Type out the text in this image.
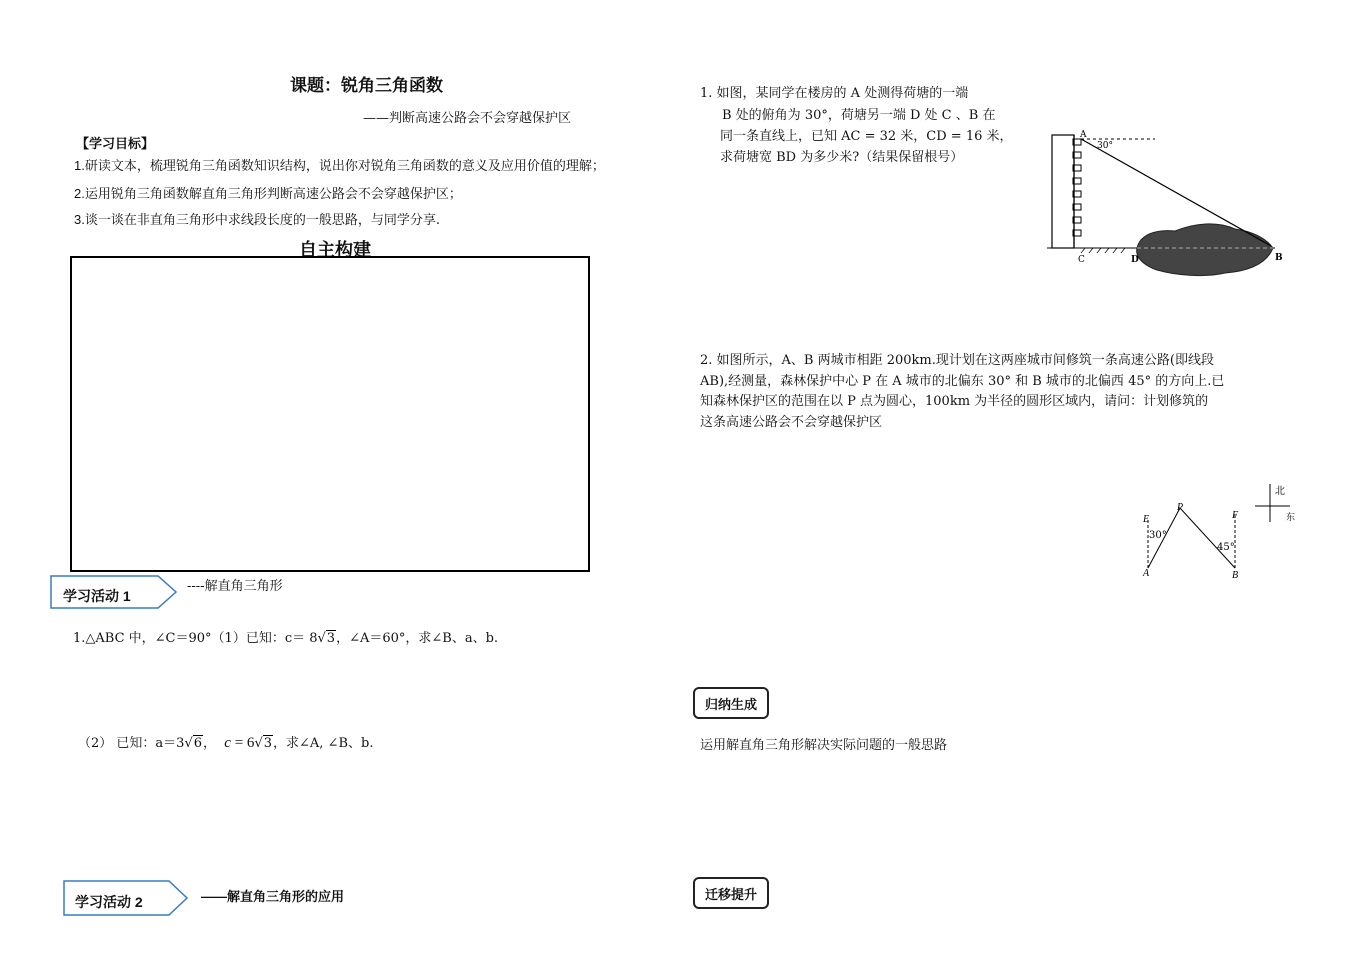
课题：锐角三角函数
——判断高速公路会不会穿越保护区
【学习目标】
1.研读文本，梳理锐角三角函数知识结构，说出你对锐角三角函数的意义及应用价值的理解；
2.运用锐角三角函数解直角三角形判断高速公路会不会穿越保护区；
3.谈一谈在非直角三角形中求线段长度的一般思路，与同学分享.
自主构建
学习活动 1
----解直角三角形
1.△ABC 中，∠C＝90°（1）已知：c＝ 8√3，∠A＝60°，求∠B、a、b.
（2） 已知：a＝3√6， c = 6√3，求∠A, ∠B、b.
学习活动 2	——解直角三角形的应用
1. 如图，某同学在楼房的 A 处测得荷塘的一端
B 处的俯角为 30°，荷塘另一端 D 处 C 、B 在
同一条直线上，已知 AC = 32 米，CD = 16 米，
求荷塘宽 BD 为多少米?（结果保留根号）
30°
A
C	D	B
2. 如图所示，A、B 两城市相距 200km.现计划在这两座城市间修筑一条高速公路(即线段
AB),经测量，森林保护中心 P 在 A 城市的北偏东 30° 和 B 城市的北偏西 45° 的方向上.已
知森林保护区的范围在以 P 点为圆心，100km 为半径的圆形区域内，请问：计划修筑的
这条高速公路会不会穿越保护区
E
P
F
A	B
30°
45°
北
东
归纳生成
运用解直角三角形解决实际问题的一般思路
迁移提升
